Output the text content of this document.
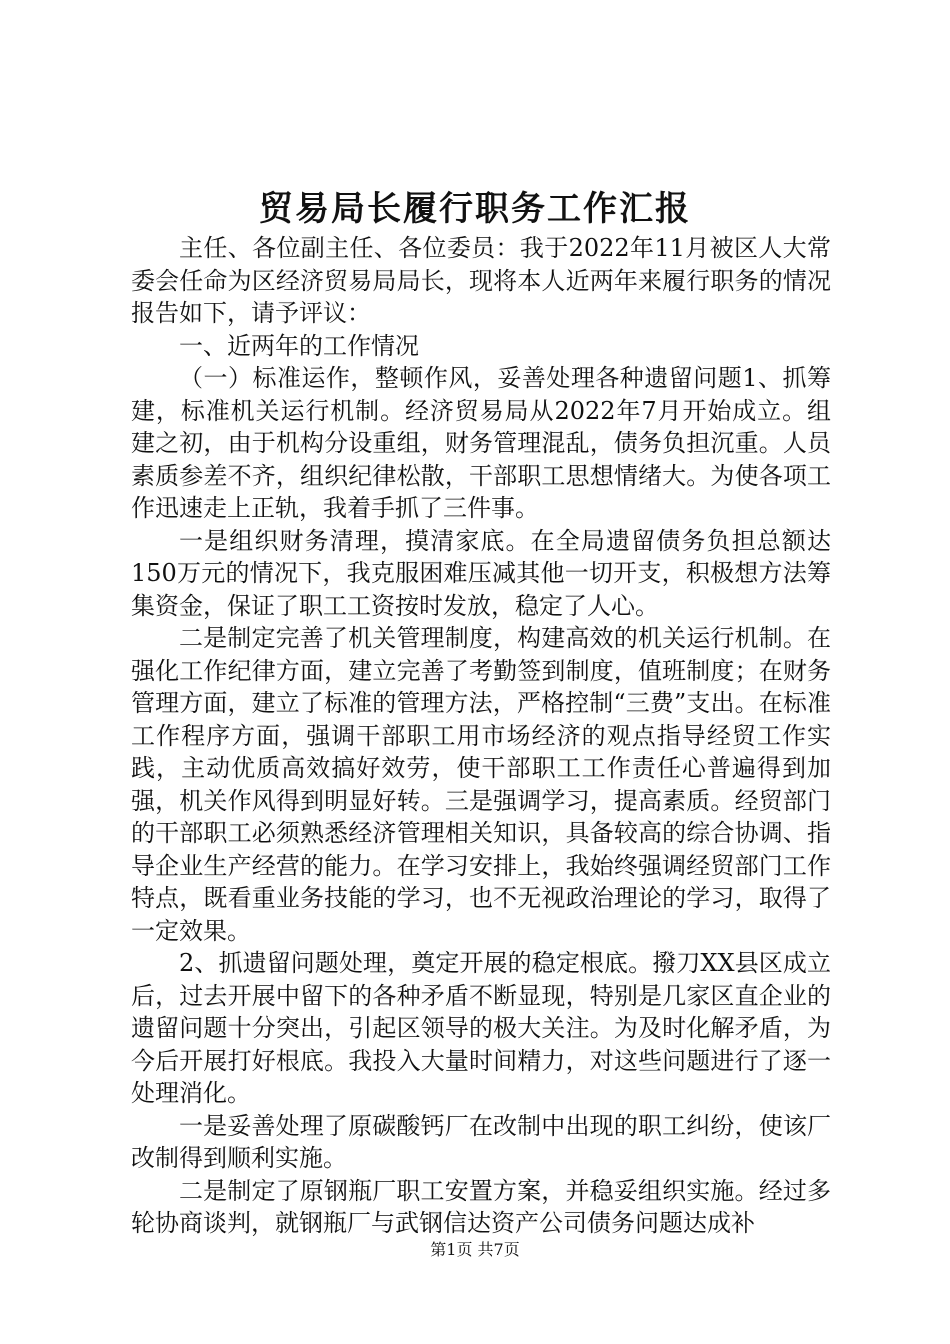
贸易局长履行职务工作汇报

主任、各位副主任、各位委员：我于2022年11月被区人大常委会任命为区经济贸易局局长，现将本人近两年来履行职务的情况报告如下，请予评议：

一、近两年的工作情况

（一）标准运作，整顿作风，妥善处理各种遗留问题1、抓筹建，标准机关运行机制。经济贸易局从2022年7月开始成立。组建之初，由于机构分设重组，财务管理混乱，债务负担沉重。人员素质参差不齐，组织纪律松散，干部职工思想情绪大。为使各项工作迅速走上正轨，我着手抓了三件事。

一是组织财务清理，摸清家底。在全局遗留债务负担总额达150万元的情况下，我克服困难压减其他一切开支，积极想方法筹集资金，保证了职工工资按时发放，稳定了人心。

二是制定完善了机关管理制度，构建高效的机关运行机制。在强化工作纪律方面，建立完善了考勤签到制度，值班制度；在财务管理方面，建立了标准的管理方法，严格控制“三费”支出。在标准工作程序方面，强调干部职工用市场经济的观点指导经贸工作实践，主动优质高效搞好效劳，使干部职工工作责任心普遍得到加强，机关作风得到明显好转。三是强调学习，提高素质。经贸部门的干部职工必须熟悉经济管理相关知识，具备较高的综合协调、指导企业生产经营的能力。在学习安排上，我始终强调经贸部门工作特点，既看重业务技能的学习，也不无视政治理论的学习，取得了一定效果。

2、抓遗留问题处理，奠定开展的稳定根底。撥刀XX县区成立后，过去开展中留下的各种矛盾不断显现，特别是几家区直企业的遗留问题十分突出，引起区领导的极大关注。为及时化解矛盾，为今后开展打好根底。我投入大量时间精力，对这些问题进行了逐一处理消化。

一是妥善处理了原碳酸钙厂在改制中出现的职工纠纷，使该厂改制得到顺利实施。

二是制定了原钢瓶厂职工安置方案，并稳妥组织实施。经过多轮协商谈判，就钢瓶厂与武钢信达资产公司债务问题达成补

第1页 共7页
